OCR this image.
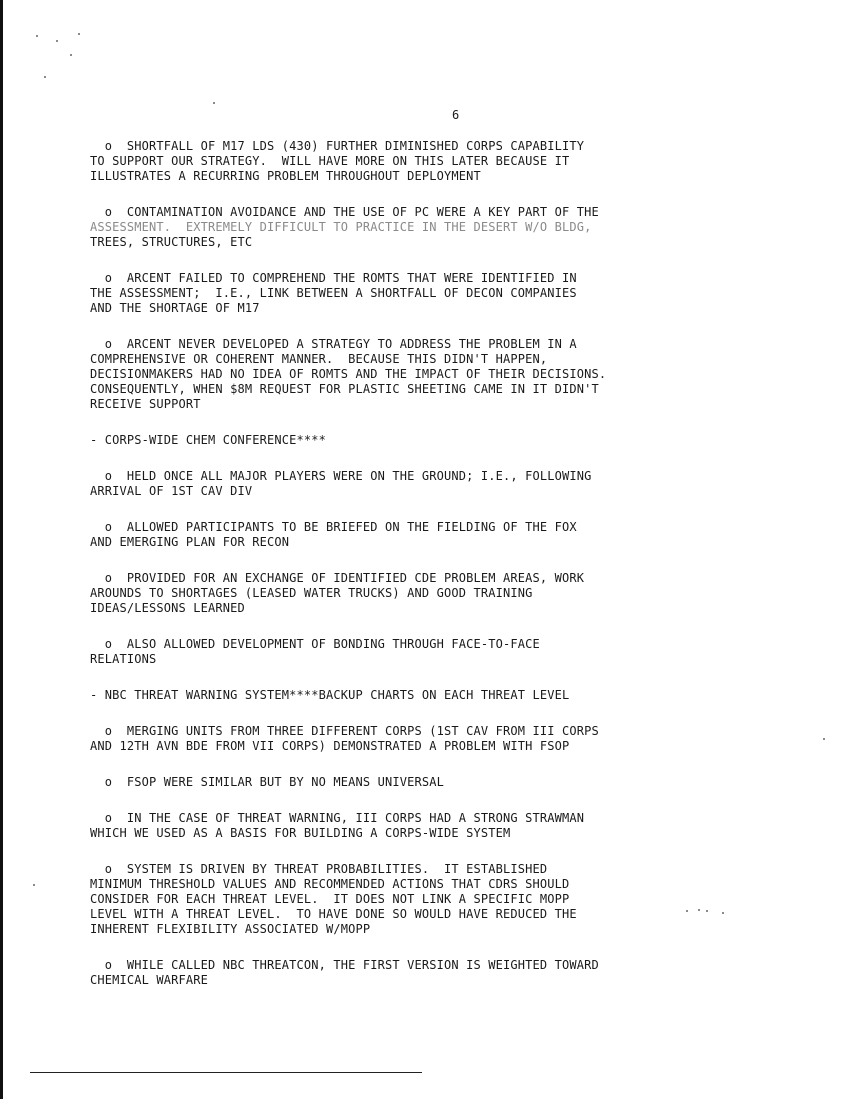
6

o  SHORTFALL OF M17 LDS (430) FURTHER DIMINISHED CORPS CAPABILITY
TO SUPPORT OUR STRATEGY.  WILL HAVE MORE ON THIS LATER BECAUSE IT
ILLUSTRATES A RECURRING PROBLEM THROUGHOUT DEPLOYMENT

o  CONTAMINATION AVOIDANCE AND THE USE OF PC WERE A KEY PART OF THE
ASSESSMENT.  EXTREMELY DIFFICULT TO PRACTICE IN THE DESERT W/O BLDG,
TREES, STRUCTURES, ETC

o  ARCENT FAILED TO COMPREHEND THE ROMTS THAT WERE IDENTIFIED IN
THE ASSESSMENT;  I.E., LINK BETWEEN A SHORTFALL OF DECON COMPANIES
AND THE SHORTAGE OF M17

o  ARCENT NEVER DEVELOPED A STRATEGY TO ADDRESS THE PROBLEM IN A
COMPREHENSIVE OR COHERENT MANNER.  BECAUSE THIS DIDN'T HAPPEN,
DECISIONMAKERS HAD NO IDEA OF ROMTS AND THE IMPACT OF THEIR DECISIONS.
CONSEQUENTLY, WHEN $8M REQUEST FOR PLASTIC SHEETING CAME IN IT DIDN'T
RECEIVE SUPPORT

- CORPS-WIDE CHEM CONFERENCE****

o  HELD ONCE ALL MAJOR PLAYERS WERE ON THE GROUND; I.E., FOLLOWING
ARRIVAL OF 1ST CAV DIV

o  ALLOWED PARTICIPANTS TO BE BRIEFED ON THE FIELDING OF THE FOX
AND EMERGING PLAN FOR RECON

o  PROVIDED FOR AN EXCHANGE OF IDENTIFIED CDE PROBLEM AREAS, WORK
AROUNDS TO SHORTAGES (LEASED WATER TRUCKS) AND GOOD TRAINING
IDEAS/LESSONS LEARNED

o  ALSO ALLOWED DEVELOPMENT OF BONDING THROUGH FACE-TO-FACE
RELATIONS

- NBC THREAT WARNING SYSTEM****BACKUP CHARTS ON EACH THREAT LEVEL

o  MERGING UNITS FROM THREE DIFFERENT CORPS (1ST CAV FROM III CORPS
AND 12TH AVN BDE FROM VII CORPS) DEMONSTRATED A PROBLEM WITH FSOP

o  FSOP WERE SIMILAR BUT BY NO MEANS UNIVERSAL

o  IN THE CASE OF THREAT WARNING, III CORPS HAD A STRONG STRAWMAN
WHICH WE USED AS A BASIS FOR BUILDING A CORPS-WIDE SYSTEM

o  SYSTEM IS DRIVEN BY THREAT PROBABILITIES.  IT ESTABLISHED
MINIMUM THRESHOLD VALUES AND RECOMMENDED ACTIONS THAT CDRS SHOULD
CONSIDER FOR EACH THREAT LEVEL.  IT DOES NOT LINK A SPECIFIC MOPP
LEVEL WITH A THREAT LEVEL.  TO HAVE DONE SO WOULD HAVE REDUCED THE
INHERENT FLEXIBILITY ASSOCIATED W/MOPP

o  WHILE CALLED NBC THREATCON, THE FIRST VERSION IS WEIGHTED TOWARD
CHEMICAL WARFARE
